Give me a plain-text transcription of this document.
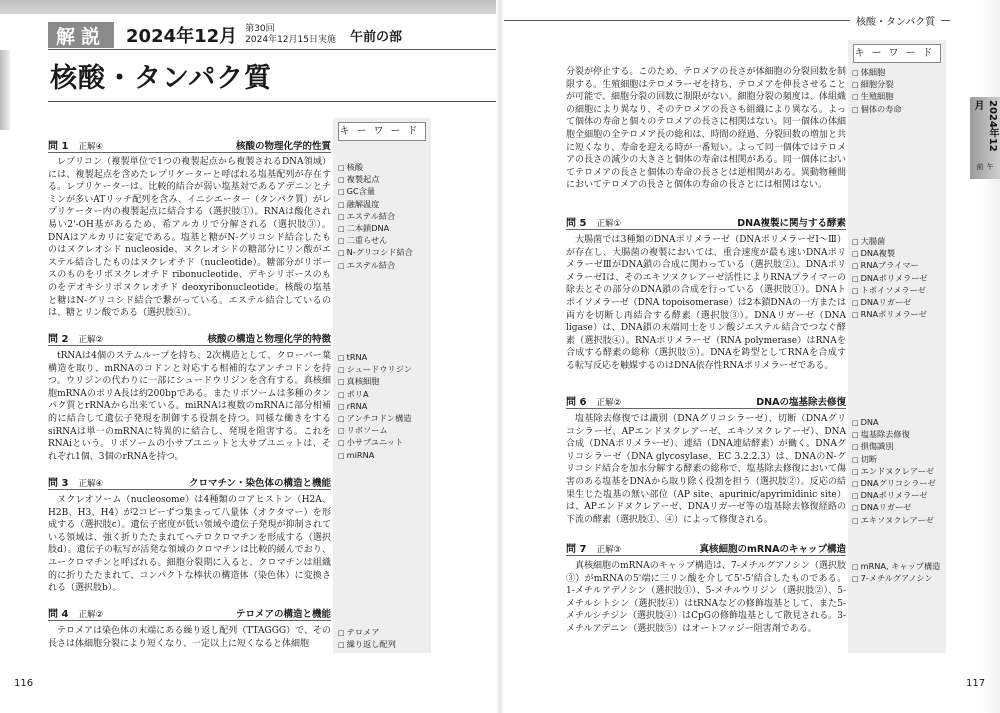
解説	2024年12月 第30回
2024年12月15日実施	午前の部
核酸・タンパク質
キーワード
問 1 正解④	核酸の物理化学的性質
レプリコン（複製単位で1つの複製起点から複製されるDNA領域）には、複製起点を含めたレプリケーターと呼ばれる塩基配列が存在する。レプリケーターは、比較的結合が弱い塩基対であるアデニンとチミンが多いATリッチ配列を含み、イニシエーター（タンパク質）がレプリケーター内の複製起点に結合する（選択肢①）。RNAは酸化され易い2'-OH基があるため、希アルカリで分解される（選択肢③）。DNAはアルカリに安定である。塩基と糖がN-グリコシド結合したものはヌクレオシド nucleoside、ヌクレオシドの糖部分にリン酸がエステル結合したものはヌクレオチド（nucleotide）。糖部分がリボースのものをリボヌクレオチド ribonucleotide、デキシリボースのものをデオキシリボヌクレオチド deoxyribonucleotide。核酸の塩基と糖はN-グリコシド結合で繋がっている。エステル結合しているのは、糖とリン酸である（選択肢④）。
□ 核酸
□ 複製起点
□ GC含量
□ 融解温度
□ エステル結合
□ 二本鎖DNA
□ 二重らせん
□ N-グリコシド結合
□ エステル結合
問 2 正解②	核酸の構造と物理化学的特徴
tRNAは4個のステムループを持ち、2次構造として、クローバー葉構造を取り、mRNAのコドンと対応する相補的なアンチコドンを持つ。ウリジンの代わりに一部にシュードウリジンを含有する。真核細胞mRNAのポリA長は約200bpである。またリボソームは多種のタンパク質とrRNAから出来ている。miRNAは複数のmRNAに部分相補的に結合して遺伝子発現を制御する役割を持つ。同様な働きをするsiRNAは単一のmRNAに特異的に結合し、発現を阻害する。これをRNAiという。リボソームの小サブユニットと大サブユニットは、それぞれ1個、3個のrRNAを持つ。
□ tRNA
□ シュードウリジン
□ 真核細胞
□ ポリA
□ rRNA
□ アンチコドン構造
□ リボソーム
□ 小サブユニット
□ miRNA
問 3 正解④	クロマチン・染色体の構造と機能
ヌクレオソーム（nucleosome）は4種類のコアヒストン（H2A、H2B、H3、H4）が2コピーずつ集まって八量体（オクタマー）を形成する（選択肢c）。遺伝子密度が低い領域や遺伝子発現が抑制されている領域は、強く折りたたまれてヘテロクロマチンを形成する（選択肢d）。遺伝子の転写が活発な領域のクロマチンは比較的緩んでおり、ユークロマチンと呼ばれる。細胞分裂期に入ると、クロマチンは組織的に折りたたまれて、コンパクトな棒状の構造体（染色体）に変換される（選択肢b）。
問 4 正解②	テロメアの構造と機能
テロメアは染色体の末端にある繰り返し配列（TTAGGG）で、その長さは体細胞分裂により短くなり、一定以上に短くなると体細胞
□ テロメア
□ 繰り返し配列
116
核酸・タンパク質
2024年12月
午前
キーワード
分裂が停止する。このため、テロメアの長さが体細胞の分裂回数を制限する。生殖細胞はテロメラーゼを持ち、テロメアを伸長させることが可能で、細胞分裂の回数に制限がない。細胞分裂の頻度は、体組織の細胞により異なり、そのテロメアの長さも組織により異なる。よって個体の寿命と個々のテロメアの長さに相関はない。同一個体の体細胞全細胞の全テロメア長の総和は、時間の経過、分裂回数の増加と共に短くなり、寿命を迎える時が一番短い。よって同一個体ではテロメアの長さの減少の大きさと個体の寿命は相関がある。同一個体においてテロメアの長さと個体の寿命の長さとは逆相関がある。異動物種間においてテロメアの長さと個体の寿命の長さとには相関はない。
□ 体細胞
□ 細胞分裂
□ 生殖細胞
□ 個体の寿命
問 5 正解①	DNA複製に関与する酵素
大腸菌では3種類のDNAポリメラーゼ（DNAポリメラーゼⅠ～Ⅲ）が存在し、大腸菌の複製においては、重合速度が最も速いDNAポリメラーゼⅢがDNA鎖の合成に関わっている（選択肢②）。DNAポリメラーゼⅠは、そのエキソヌクレアーゼ活性によりRNAプライマーの除去とその部分のDNA鎖の合成を行っている（選択肢①）。DNAトポイソメラーゼ（DNA topoisomerase）は2本鎖DNAの一方または両方を切断し再結合する酵素（選択肢③）。DNAリガーゼ（DNA ligase）は、DNA鎖の末端同士をリン酸ジエステル結合でつなぐ酵素（選択肢④）。RNAポリメラーゼ（RNA polymerase）はRNAを合成する酵素の総称（選択肢⑤）。DNAを鋳型としてRNAを合成する転写反応を触媒するのはDNA依存性RNAポリメラーゼである。
□ 大腸菌
□ DNA複製
□ RNAプライマー
□ DNAポリメラーゼ
□ トポイソメラーゼ
□ DNAリガーゼ
□ RNAポリメラーゼ
問 6 正解②	DNAの塩基除去修復
塩基除去修復では識別（DNAグリコシラーゼ）、切断（DNAグリコシラーゼ、APエンドヌクレアーゼ、エキソヌクレアーゼ）、DNA合成（DNAポリメラーゼ）、連結（DNA連結酵素）が働く。DNAグリコシラーゼ（DNA glycosylase、EC 3.2.2.3）は、DNAのN-グリコシド結合を加水分解する酵素の総称で、塩基除去修復において傷害のある塩基をDNAから取り除く役割を担う（選択肢②）。反応の結果生じた塩基の無い部位（AP site、apurinic/apyrimidinic site）は、APエンドヌクレアーゼ、DNAリガーゼ等の塩基除去修復経路の下流の酵素（選択肢①、④）によって修復される。
□ DNA
□ 塩基除去修復
□ 損傷識別
□ 切断
□ エンドヌクレアーゼ
□ DNAグリコシラーゼ
□ DNAポリメラーゼ
□ DNAリガーゼ
□ エキソヌクレアーゼ
問 7 正解③	真核細胞のmRNAのキャップ構造
真核細胞のmRNAのキャップ構造は、7-メチルグアノシン（選択肢③）がmRNAの5'端に三リン酸を介して5'-5'結合したものである。1-メチルアデノシン（選択肢①）、5-メチルウリジン（選択肢②）、5-メチルシトシン（選択肢④）はtRNAなどの修飾塩基として、また5-メチルシチジン（選択肢④）はCpGの修飾塩基として散見される。3-メチルアデニン（選択肢⑤）はオートファジー阻害剤である。
□ mRNA, キャップ構造
□ 7-メチルグアノシン
117
